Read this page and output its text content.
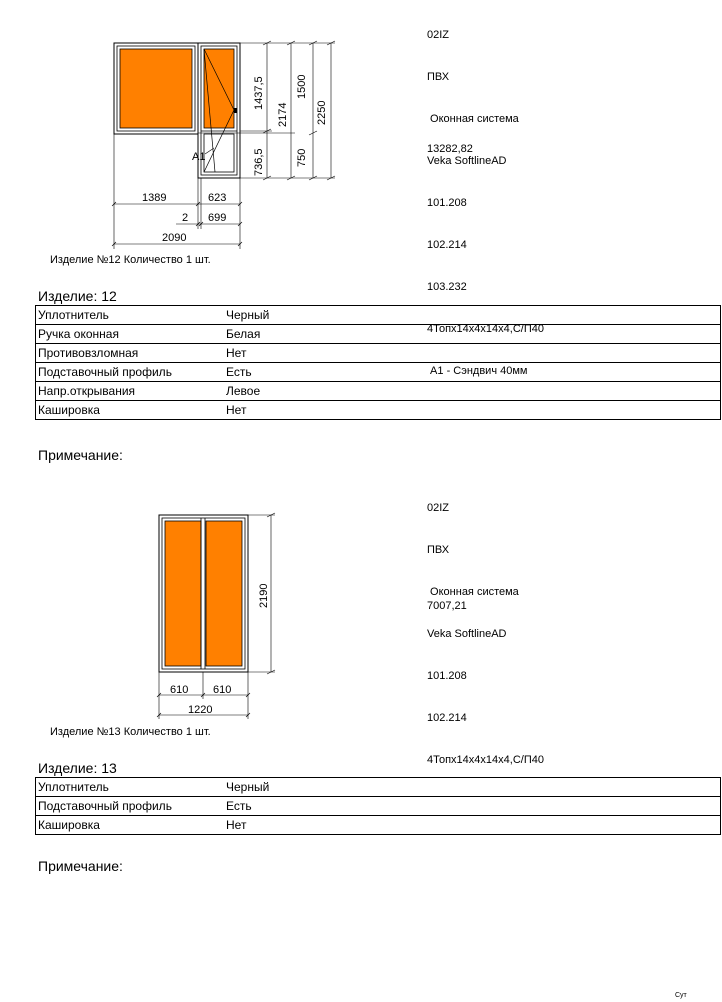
02IZ

ПВХ

Оконная система

Veka SoftlineAD

101.208

102.214

103.232

4Топх14х4х14х4,С/П40

А1 - Сэндвич 40мм

13282,82
A1
1437,5
736,5
2174
1500
750
2250
1389	623
2 699
2090
Изделие №12 Количество 1 шт.
Изделие: 12
Уплотнитель	Черный
Ручка оконная	Белая
Противовзломная	Нет
Подставочный профиль	Есть
Напр.открывания	Левое
Кашировка	Нет
Примечание:

02IZ

ПВХ

Оконная система

Veka SoftlineAD

101.208

102.214

4Топх14х4х14х4,С/П40

7007,21
2190
610 610
1220
Изделие №13 Количество 1 шт.
Изделие: 13
Уплотнитель	Черный
Подставочный профиль	Есть
Кашировка	Нет
Примечание:
Сут
